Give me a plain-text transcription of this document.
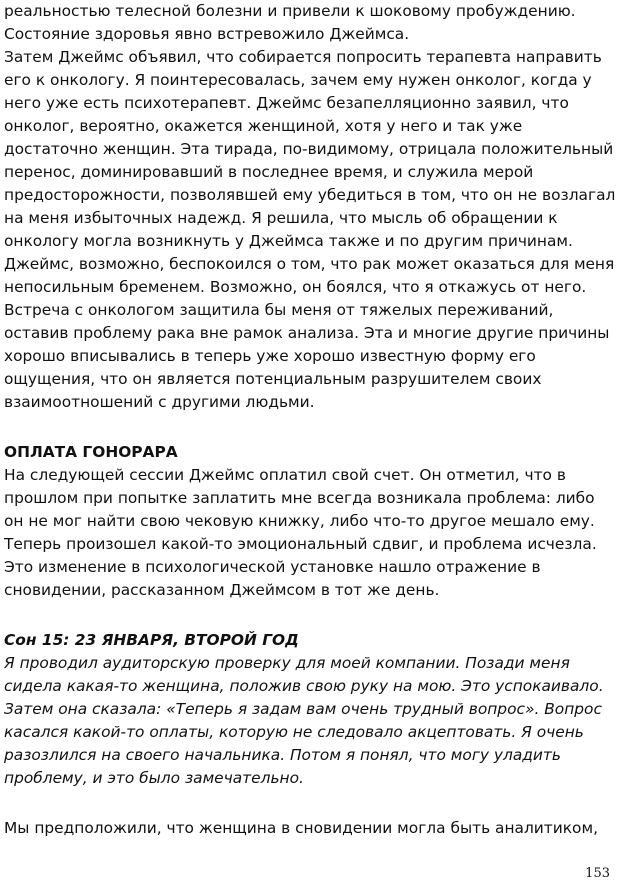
реальностью телесной болезни и привели к шоковому пробуждению.

Состояние здоровья явно встревожило Джеймса.

Затем Джеймс объявил, что собирается попросить терапевта направить

его к онкологу. Я поинтересовалась, зачем ему нужен онколог, когда у

него уже есть психотерапевт. Джеймс безапелляционно заявил, что

онколог, вероятно, окажется женщиной, хотя у него и так уже

достаточно женщин. Эта тирада, по-видимому, отрицала положительный

перенос, доминировавший в последнее время, и служила мерой

предосторожности, позволявшей ему убедиться в том, что он не возлагал

на меня избыточных надежд. Я решила, что мысль об обращении к

онкологу могла возникнуть у Джеймса также и по другим причинам.

Джеймс, возможно, беспокоился о том, что рак может оказаться для меня

непосильным бременем. Возможно, он боялся, что я откажусь от него.

Встреча с онкологом защитила бы меня от тяжелых переживаний,

оставив проблему рака вне рамок анализа. Эта и многие другие причины

хорошо вписывались в теперь уже хорошо известную форму его

ощущения, что он является потенциальным разрушителем своих

взаимоотношений с другими людьми.

ОПЛАТА ГОНОРАРА

На следующей сессии Джеймс оплатил свой счет. Он отметил, что в

прошлом при попытке заплатить мне всегда возникала проблема: либо

он не мог найти свою чековую книжку, либо что-то другое мешало ему.

Теперь произошел какой-то эмоциональный сдвиг, и проблема исчезла.

Это изменение в психологической установке нашло отражение в

сновидении, рассказанном Джеймсом в тот же день.

Сон 15: 23 ЯНВАРЯ, ВТОРОЙ ГОД

Я проводил аудиторскую проверку для моей компании. Позади меня

сидела какая-то женщина, положив свою руку на мою. Это успокаивало.

Затем она сказала: «Теперь я задам вам очень трудный вопрос». Вопрос

касался какой-то оплаты, которую не следовало акцептовать. Я очень

разозлился на своего начальника. Потом я понял, что могу уладить

проблему, и это было замечательно.

Мы предположили, что женщина в сновидении могла быть аналитиком,

153
